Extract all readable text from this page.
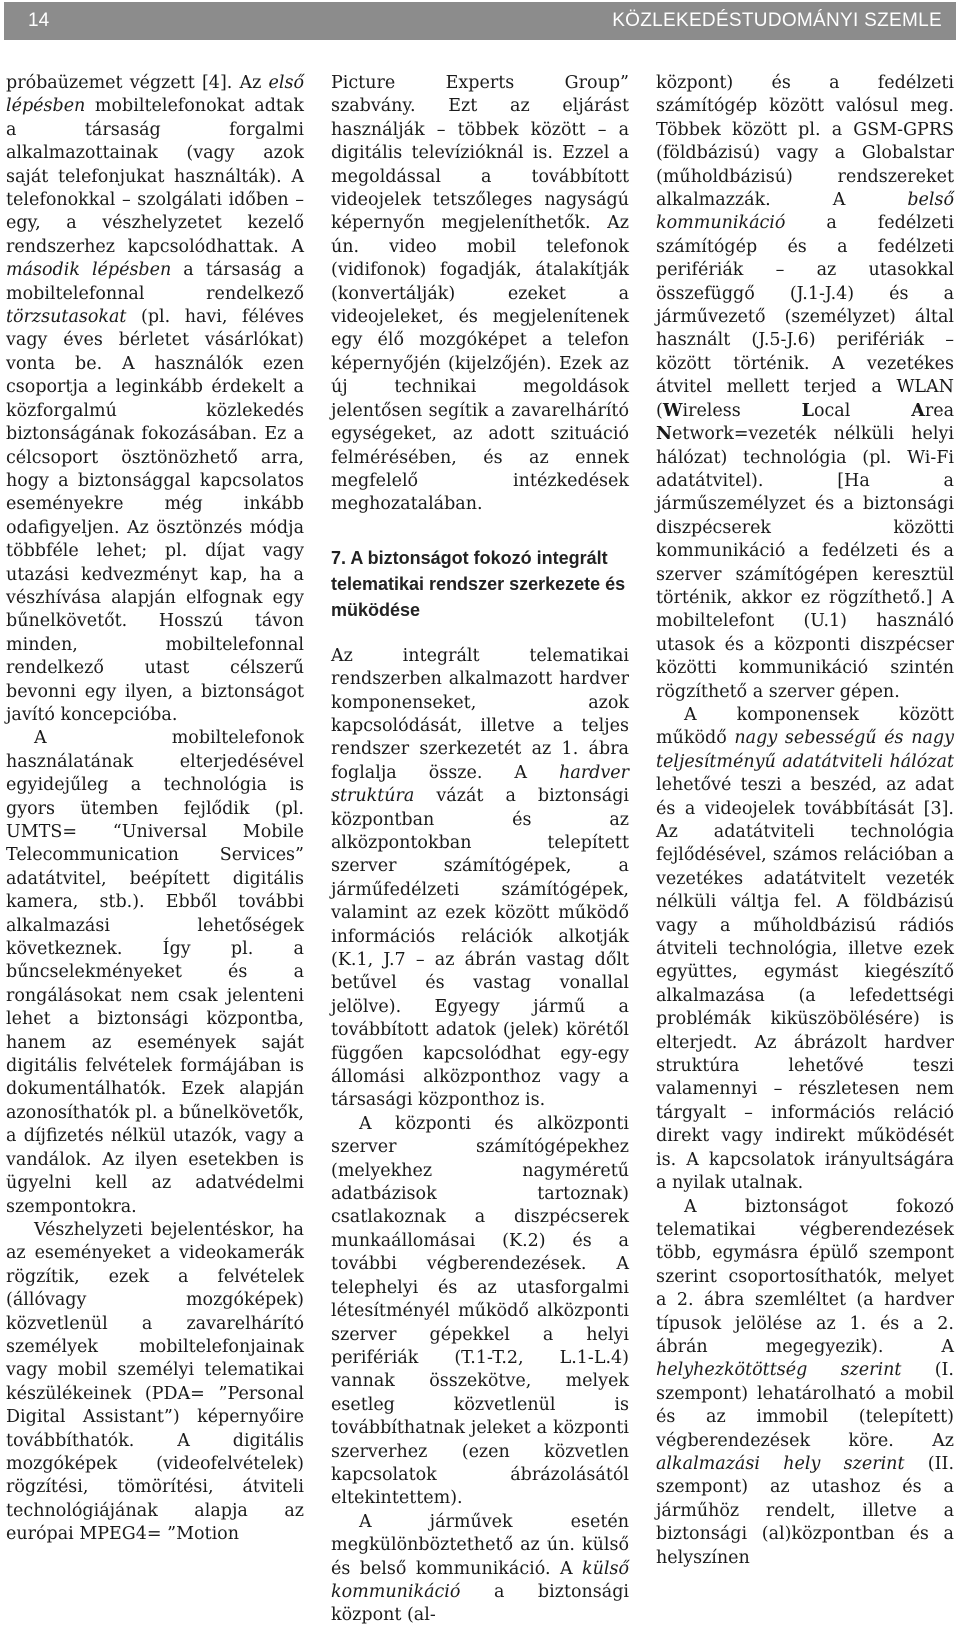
14	KÖZLEKEDÉSTUDOMÁNYI SZEMLE

próbaüzemet végzett [4]. Az első lépésben mobiltelefonokat adtak a társaság forgalmi alkalmazottainak (vagy azok saját telefonjukat használták). A telefonokkal – szolgálati időben – egy, a vészhelyzetet kezelő rendszerhez kapcsolódhattak. A második lépésben a társaság a mobiltelefonnal rendelkező törzsutasokat (pl. havi, féléves vagy éves bérletet vásárlókat) vonta be. A használók ezen csoportja a leginkább érdekelt a közforgalmú közlekedés biztonságának fokozásában. Ez a célcsoport ösztönözhető arra, hogy a biztonsággal kapcsolatos eseményekre még inkább odafigyeljen. Az ösztönzés módja többféle lehet; pl. díjat vagy utazási kedvezményt kap, ha a vészhívása alapján elfognak egy bűnelkövetőt. Hosszú távon minden, mobiltelefonnal rendelkező utast célszerű bevonni egy ilyen, a biztonságot javító koncepcióba.

A mobiltelefonok használatának elterjedésével egyidejűleg a technológia is gyors ütemben fejlődik (pl. UMTS= “Universal Mobile Telecommunication Services” adatátvitel, beépített digitális kamera, stb.). Ebből további alkalmazási lehetőségek következnek. Így pl. a bűncselekményeket és a rongálásokat nem csak jelenteni lehet a biztonsági központba, hanem az események saját digitális felvételek formájában is dokumentálhatók. Ezek alapján azonosíthatók pl. a bűnelkövetők, a díjfizetés nélkül utazók, vagy a vandálok. Az ilyen esetekben is ügyelni kell az adatvédelmi szempontokra.

Vészhelyzeti bejelentéskor, ha az eseményeket a videokamerák rögzítik, ezek a felvételek (állóvagy mozgóképek) közvetlenül a zavarelhárító személyek mobiltelefonjainak vagy mobil személyi telematikai készülékeinek (PDA= ”Personal Digital Assistant”) képernyőire továbbíthatók. A digitális mozgóképek (videofelvételek) rögzítési, tömörítési, átviteli technológiájának alapja az európai MPEG4= ”Motion

Picture Experts Group” szabvány. Ezt az eljárást használják – többek között – a digitális televízióknál is. Ezzel a megoldással a továbbított videojelek tetszőleges nagyságú képernyőn megjeleníthetők. Az ún. video mobil telefonok (vidifonok) fogadják, átalakítják (konvertálják) ezeket a videojeleket, és megjelenítenek egy élő mozgóképet a telefon képernyőjén (kijelzőjén). Ezek az új technikai megoldások jelentősen segítik a zavarelhárító egységeket, az adott szituáció felmérésében, és az ennek megfelelő intézkedések meghozatalában.

7. A biztonságot fokozó integrált telematikai rendszer szerkezete és müködése

Az integrált telematikai rendszerben alkalmazott hardver komponenseket, azok kapcsolódását, illetve a teljes rendszer szerkezetét az 1. ábra foglalja össze. A hardver struktúra vázát a biztonsági központban és az alközpontokban telepített szerver számítógépek, a járműfedélzeti számítógépek, valamint az ezek között működő információs relációk alkotják (K.1, J.7 – az ábrán vastag dőlt betűvel és vastag vonallal jelölve). Egyegy jármű a továbbított adatok (jelek) körétől függően kapcsolódhat egy-egy állomási alközponthoz vagy a társasági központhoz is.

A központi és alközponti szerver számítógépekhez (melyekhez nagyméretű adatbázisok tartoznak) csatlakoznak a diszpécserek munkaállomásai (K.2) és a további végberendezések. A telephelyi és az utasforgalmi létesítményél működő alközponti szerver gépekkel a helyi perifériák (T.1-T.2, L.1-L.4) vannak összekötve, melyek esetleg közvetlenül is továbbíthatnak jeleket a központi szerverhez (ezen közvetlen kapcsolatok ábrázolásától eltekintettem).

A járművek esetén megkülönböztethető az ún. külső és belső kommunikáció. A külső kommunikáció a biztonsági központ (al-

központ) és a fedélzeti számítógép között valósul meg. Többek között pl. a GSM-GPRS (földbázisú) vagy a Globalstar (műholdbázisú) rendszereket alkalmazzák. A belső kommunikáció a fedélzeti számítógép és a fedélzeti perifériák – az utasokkal összefüggő (J.1-J.4) és a járművezető (személyzet) által használt (J.5-J.6) perifériák – között történik. A vezetékes átvitel mellett terjed a WLAN (Wireless Local Area Network=vezeték nélküli helyi hálózat) technológia (pl. Wi-Fi adatátvitel). [Ha a járműszemélyzet és a biztonsági diszpécserek közötti kommunikáció a fedélzeti és a szerver számítógépen keresztül történik, akkor ez rögzíthető.] A mobiltelefont (U.1) használó utasok és a központi diszpécser közötti kommunikáció szintén rögzíthető a szerver gépen.

A komponensek között működő nagy sebességű és nagy teljesítményű adatátviteli hálózat lehetővé teszi a beszéd, az adat és a videojelek továbbítását [3]. Az adatátviteli technológia fejlődésével, számos relációban a vezetékes adatátvitelt vezeték nélküli váltja fel. A földbázisú vagy a műholdbázisú rádiós átviteli technológia, illetve ezek együttes, egymást kiegészítő alkalmazása (a lefedettségi problémák kiküszöbölésére) is elterjedt. Az ábrázolt hardver struktúra lehetővé teszi valamennyi – részletesen nem tárgyalt – információs reláció direkt vagy indirekt működését is. A kapcsolatok irányultságára a nyilak utalnak.

A biztonságot fokozó telematikai végberendezések több, egymásra épülő szempont szerint csoportosíthatók, melyet a 2. ábra szemléltet (a hardver típusok jelölése az 1. és a 2. ábrán megegyezik). A helyhezkötöttség szerint (I. szempont) lehatárolható a mobil és az immobil (telepített) végberendezések köre. Az alkalmazási hely szerint (II. szempont) az utashoz és a járműhöz rendelt, illetve a biztonsági (al)központban és a helyszínen
